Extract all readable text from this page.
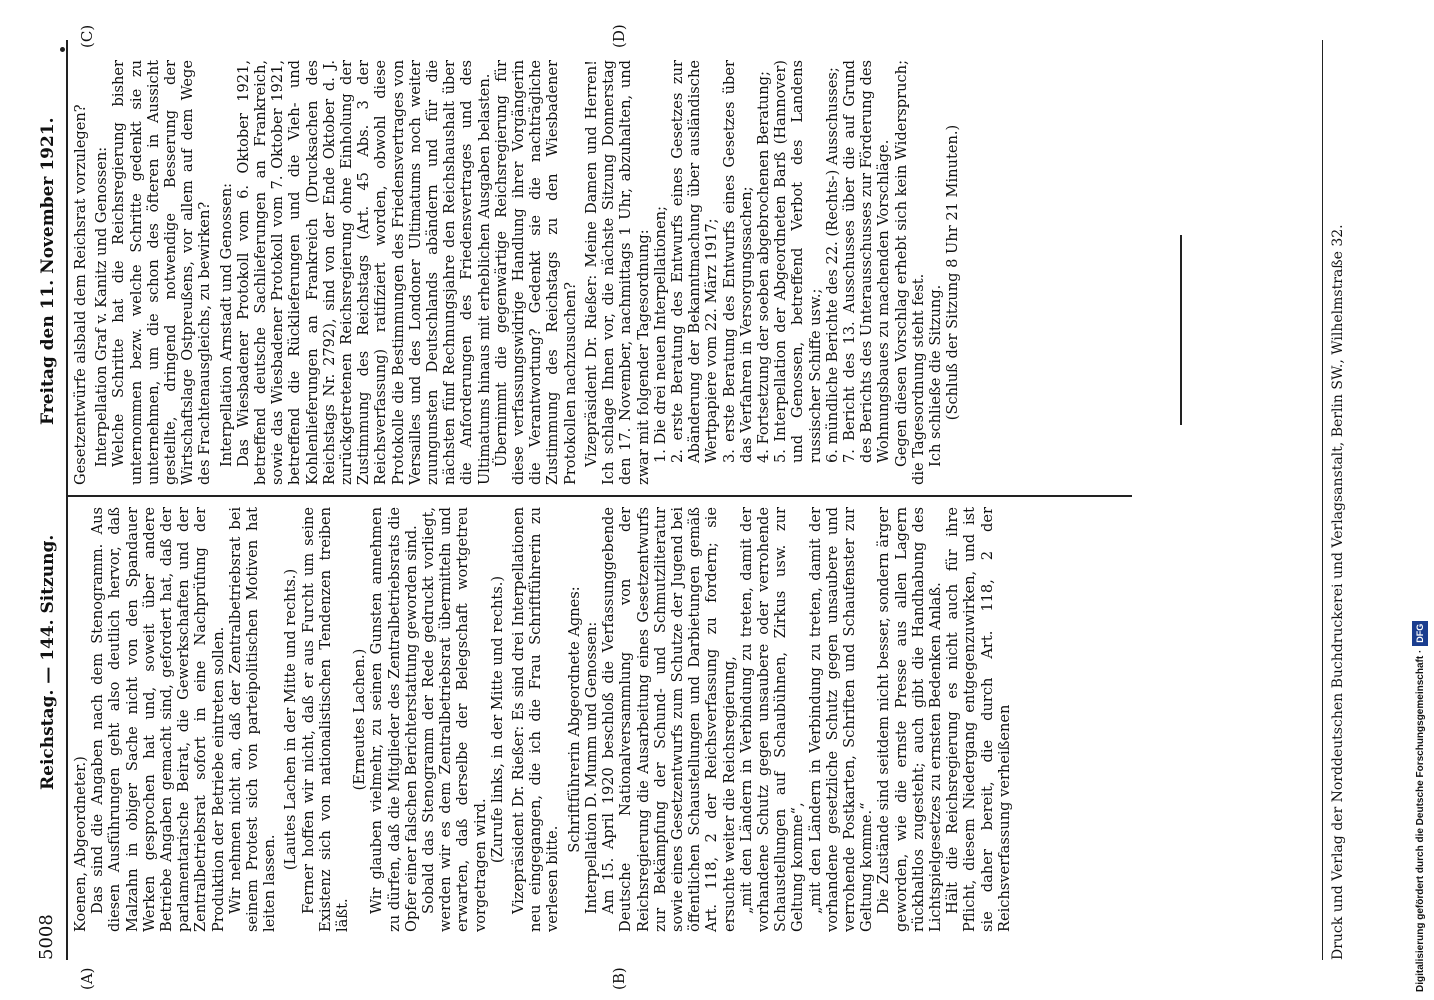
5008
Reichstag. — 144. Sitzung.
Freitag den 11. November 1921.
(A)	(B)
(C)	(D)

Koenen, Abgeordneter.) Das sind die Angaben nach dem Stenogramm. Aus diesen Ausführungen geht also deutlich hervor, daß Malzahn in obiger Sache nicht von den Spandauer Werken gesprochen hat und, soweit über andere Betriebe Angaben gemacht sind, gefordert hat, daß der parlamentarische Beirat, die Gewerkschaften und der Zentralbetriebsrat sofort in eine Nachprüfung der Produktion der Betriebe eintreten sollen. Wir nehmen nicht an, daß der Zentralbetriebsrat bei seinem Protest sich von parteipolitischen Motiven hat leiten lassen.

(Lautes Lachen in der Mitte und rechts.) Ferner hoffen wir nicht, daß er aus Furcht um seine Existenz sich von nationalistischen Tendenzen treiben läßt.

(Erneutes Lachen.) Wir glauben vielmehr, zu seinen Gunsten annehmen zu dürfen, daß die Mitglieder des Zentralbetriebsrats die Opfer einer falschen Berichterstattung geworden sind. Sobald das Stenogramm der Rede gedruckt vorliegt, werden wir es dem Zentralbetriebsrat übermitteln und erwarten, daß derselbe der Belegschaft wortgetreu vorgetragen wird.

(Zurufe links, in der Mitte und rechts.) Vizepräsident Dr. Rießer: Es sind drei Interpellationen neu eingegangen, die ich die Frau Schriftführerin zu verlesen bitte.

Schriftführerin Abgeordnete Agnes: Interpellation D. Mumm und Genossen: Am 15. April 1920 beschloß die Verfassunggebende Deutsche Nationalversammlung von der Reichsregierung die Ausarbeitung eines Gesetzentwurfs zur Bekämpfung der Schund- und Schmutzliteratur sowie eines Gesetzentwurfs zum Schutze der Jugend bei öffentlichen Schaustellungen und Darbietungen gemäß Art. 118, 2 der Reichsverfassung zu fordern; sie ersuchte weiter die Reichsregierung, „mit den Ländern in Verbindung zu treten, damit der vorhandene Schutz gegen unsaubere oder verrohende Schaustellungen auf Schaubühnen, Zirkus usw. zur Geltung komme“, „mit den Ländern in Verbindung zu treten, damit der vorhandene gesetzliche Schutz gegen unsaubere und verrohende Postkarten, Schriften und Schaufenster zur Geltung komme.“ Die Zustände sind seitdem nicht besser, sondern ärger geworden, wie die ernste Presse aus allen Lagern rückhaltlos zugesteht; auch gibt die Handhabung des Lichtspielgesetzes zu ernsten Bedenken Anlaß. Hält die Reichsregierung es nicht auch für ihre Pflicht, diesem Niedergang entgegenzuwirken, und ist sie daher bereit, die durch Art. 118, 2 der Reichsverfassung verheißenen

Gesetzentwürfe alsbald dem Reichsrat vorzulegen? Interpellation Graf v. Kanitz und Genossen: Welche Schritte hat die Reichsregierung bisher unternommen bezw. welche Schritte gedenkt sie zu unternehmen, um die schon des öfteren in Aussicht gestellte, dringend notwendige Besserung der Wirtschaftslage Ostpreußens, vor allem auf dem Wege des Frachtenausgleichs, zu bewirken? Interpellation Arnstadt und Genossen: Das Wiesbadener Protokoll vom 6. Oktober 1921, betreffend deutsche Sachlieferungen an Frankreich, sowie das Wiesbadener Protokoll vom 7. Oktober 1921, betreffend die Rücklieferungen und die Vieh- und Kohlenlieferungen an Frankreich (Drucksachen des Reichstags Nr. 2792), sind von der Ende Oktober d. J. zurückgetretenen Reichsregierung ohne Einholung der Zustimmung des Reichstags (Art. 45 Abs. 3 der Reichsverfassung) ratifiziert worden, obwohl diese Protokolle die Bestimmungen des Friedensvertrages von Versailles und des Londoner Ultimatums noch weiter zuungunsten Deutschlands abändern und für die nächsten fünf Rechnungsjahre den Reichshaushalt über die Anforderungen des Friedensvertrages und des Ultimatums hinaus mit erheblichen Ausgaben belasten. Übernimmt die gegenwärtige Reichsregierung für diese verfassungswidrige Handlung ihrer Vorgängerin die Verantwortung? Gedenkt sie die nachträgliche Zustimmung des Reichstags zu den Wiesbadener Protokollen nachzusuchen? Vizepräsident Dr. Rießer: Meine Damen und Herren! Ich schlage Ihnen vor, die nächste Sitzung Donnerstag den 17. November, nachmittags 1 Uhr, abzuhalten, und zwar mit folgender Tagesordnung: 1. Die drei neuen Interpellationen; 2. erste Beratung des Entwurfs eines Gesetzes zur Abänderung der Bekanntmachung über ausländische Wertpapiere vom 22. März 1917; 3. erste Beratung des Entwurfs eines Gesetzes über das Verfahren in Versorgungssachen; 4. Fortsetzung der soeben abgebrochenen Beratung; 5. Interpellation der Abgeordneten Barß (Hannover) und Genossen, betreffend Verbot des Landens russischer Schiffe usw.; 6. mündliche Berichte des 22. (Rechts-) Ausschusses; 7. Bericht des 13. Ausschusses über die auf Grund des Berichts des Unterausschusses zur Förderung des Wohnungsbaues zu machenden Vorschläge. Gegen diesen Vorschlag erhebt sich kein Widerspruch; die Tagesordnung steht fest. Ich schließe die Sitzung. (Schluß der Sitzung 8 Uhr 21 Minuten.)	Druck und Verlag der Norddeutschen Buchdruckerei und Verlagsanstalt, Berlin SW., Wilhelmstraße 32.	Digitalisierung gefördert durch die Deutsche Forschungsgemeinschaft ·DFG
